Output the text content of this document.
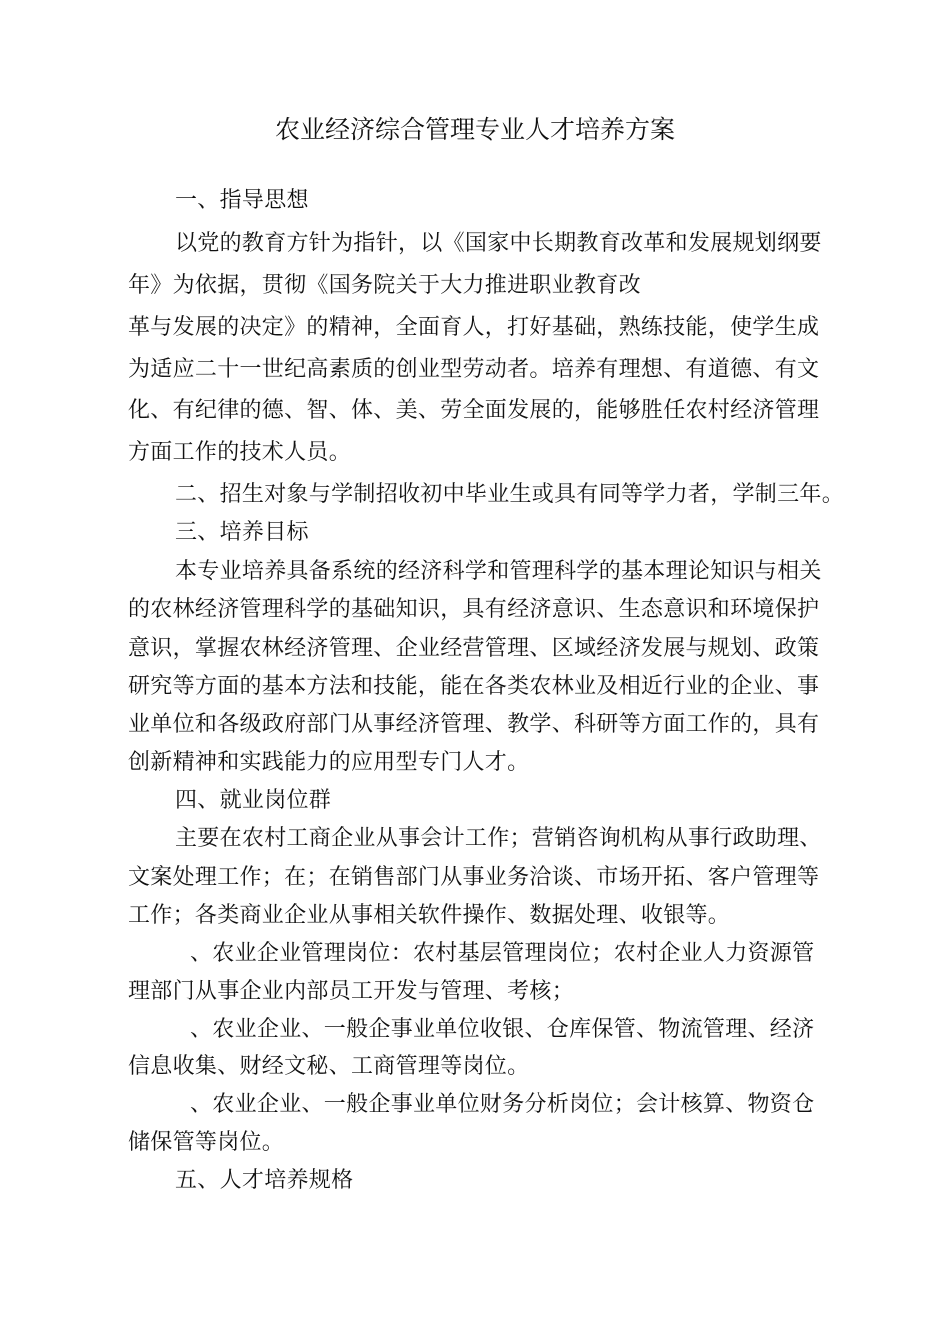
农业经济综合管理专业人才培养方案
一、指导思想
以党的教育方针为指针，以《国家中长期教育改革和发展规划纲要
年》为依据，贯彻《国务院关于大力推进职业教育改
革与发展的决定》的精神，全面育人，打好基础，熟练技能，使学生成
为适应二十一世纪高素质的创业型劳动者。培养有理想、有道德、有文
化、有纪律的德、智、体、美、劳全面发展的，能够胜任农村经济管理
方面工作的技术人员。
二、招生对象与学制招收初中毕业生或具有同等学力者，学制三年。
三、培养目标
本专业培养具备系统的经济科学和管理科学的基本理论知识与相关
的农林经济管理科学的基础知识，具有经济意识、生态意识和环境保护
意识，掌握农林经济管理、企业经营管理、区域经济发展与规划、政策
研究等方面的基本方法和技能，能在各类农林业及相近行业的企业、事
业单位和各级政府部门从事经济管理、教学、科研等方面工作的，具有
创新精神和实践能力的应用型专门人才。
四、就业岗位群
主要在农村工商企业从事会计工作；营销咨询机构从事行政助理、
文案处理工作；在；在销售部门从事业务洽谈、市场开拓、客户管理等
工作；各类商业企业从事相关软件操作、数据处理、收银等。
、农业企业管理岗位：农村基层管理岗位；农村企业人力资源管
理部门从事企业内部员工开发与管理、考核；
、农业企业、一般企事业单位收银、仓库保管、物流管理、经济
信息收集、财经文秘、工商管理等岗位。
、农业企业、一般企事业单位财务分析岗位；会计核算、物资仓
储保管等岗位。
五、人才培养规格
